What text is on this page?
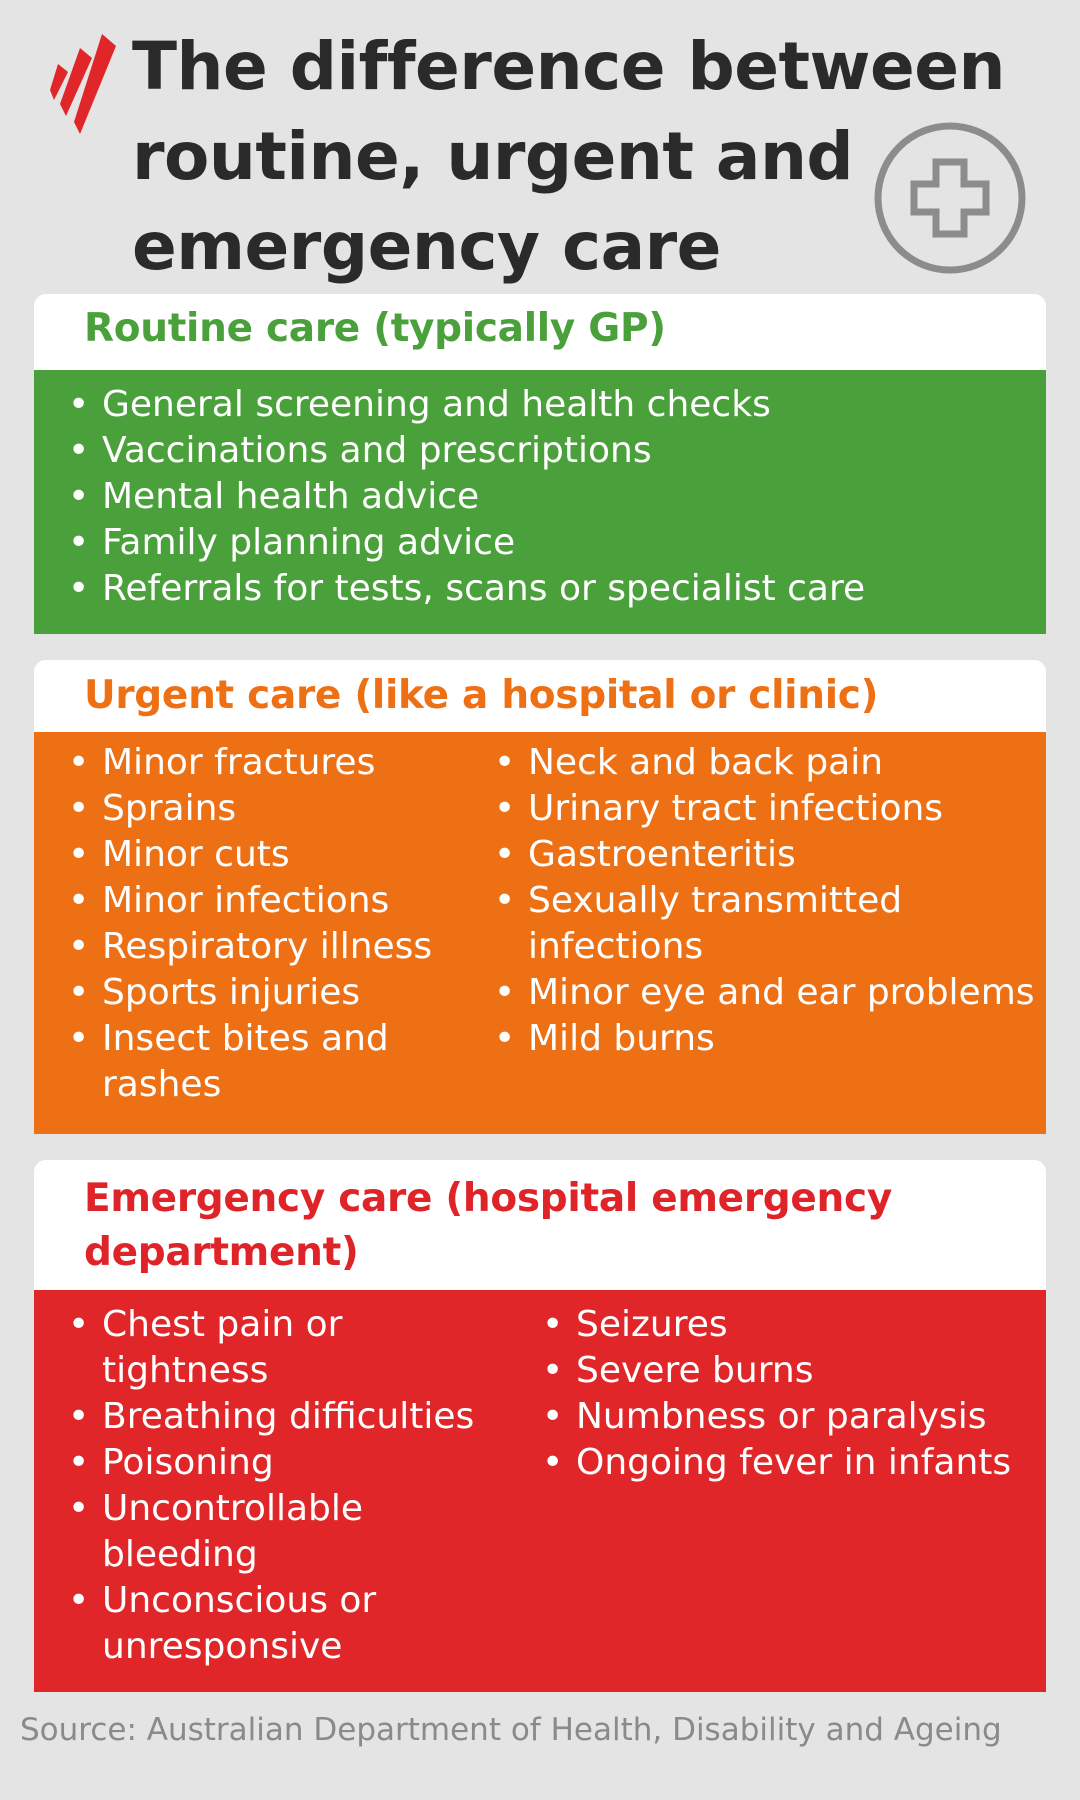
The difference between
routine, urgent and
emergency care
Routine care (typically GP)
• General screening and health checks
• Vaccinations and prescriptions
• Mental health advice
• Family planning advice
• Referrals for tests, scans or specialist care
Urgent care (like a hospital or clinic)
• Minor fractures
• Sprains
• Minor cuts
• Minor infections
• Respiratory illness
• Sports injuries
• Insect bites and rashes
• Neck and back pain
• Urinary tract infections
• Gastroenteritis
• Sexually transmitted infections
• Minor eye and ear problems
• Mild burns
Emergency care (hospital emergency
department)
• Chest pain or tightness
• Breathing difficulties
• Poisoning
• Uncontrollable bleeding
• Unconscious or unresponsive
• Seizures
• Severe burns
• Numbness or paralysis
• Ongoing fever in infants
Source: Australian Department of Health, Disability and Ageing
